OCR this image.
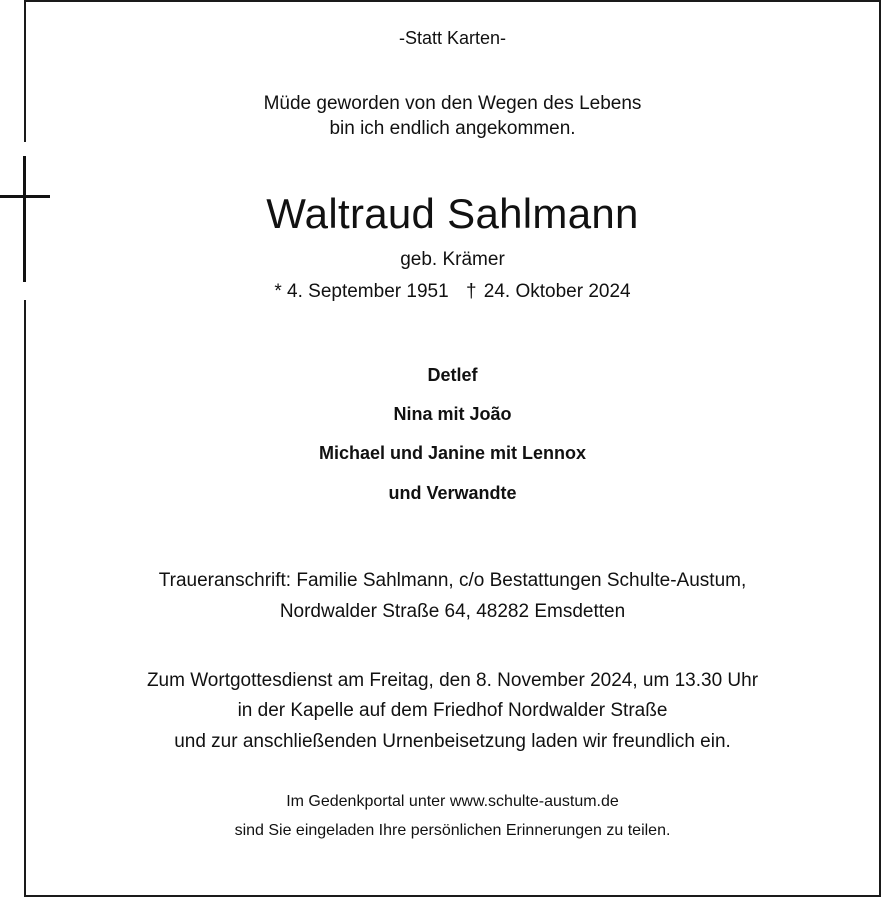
-Statt Karten-
Müde geworden von den Wegen des Lebens
bin ich endlich angekommen.
Waltraud Sahlmann
geb. Krämer
* 4. September 1951 † 24. Oktober 2024
Detlef
Nina mit João
Michael und Janine mit Lennox
und Verwandte
Traueranschrift: Familie Sahlmann, c/o Bestattungen Schulte-Austum,
Nordwalder Straße 64, 48282 Emsdetten
Zum Wortgottesdienst am Freitag, den 8. November 2024, um 13.30 Uhr
in der Kapelle auf dem Friedhof Nordwalder Straße
und zur anschließenden Urnenbeisetzung laden wir freundlich ein.
Im Gedenkportal unter www.schulte-austum.de
sind Sie eingeladen Ihre persönlichen Erinnerungen zu teilen.
